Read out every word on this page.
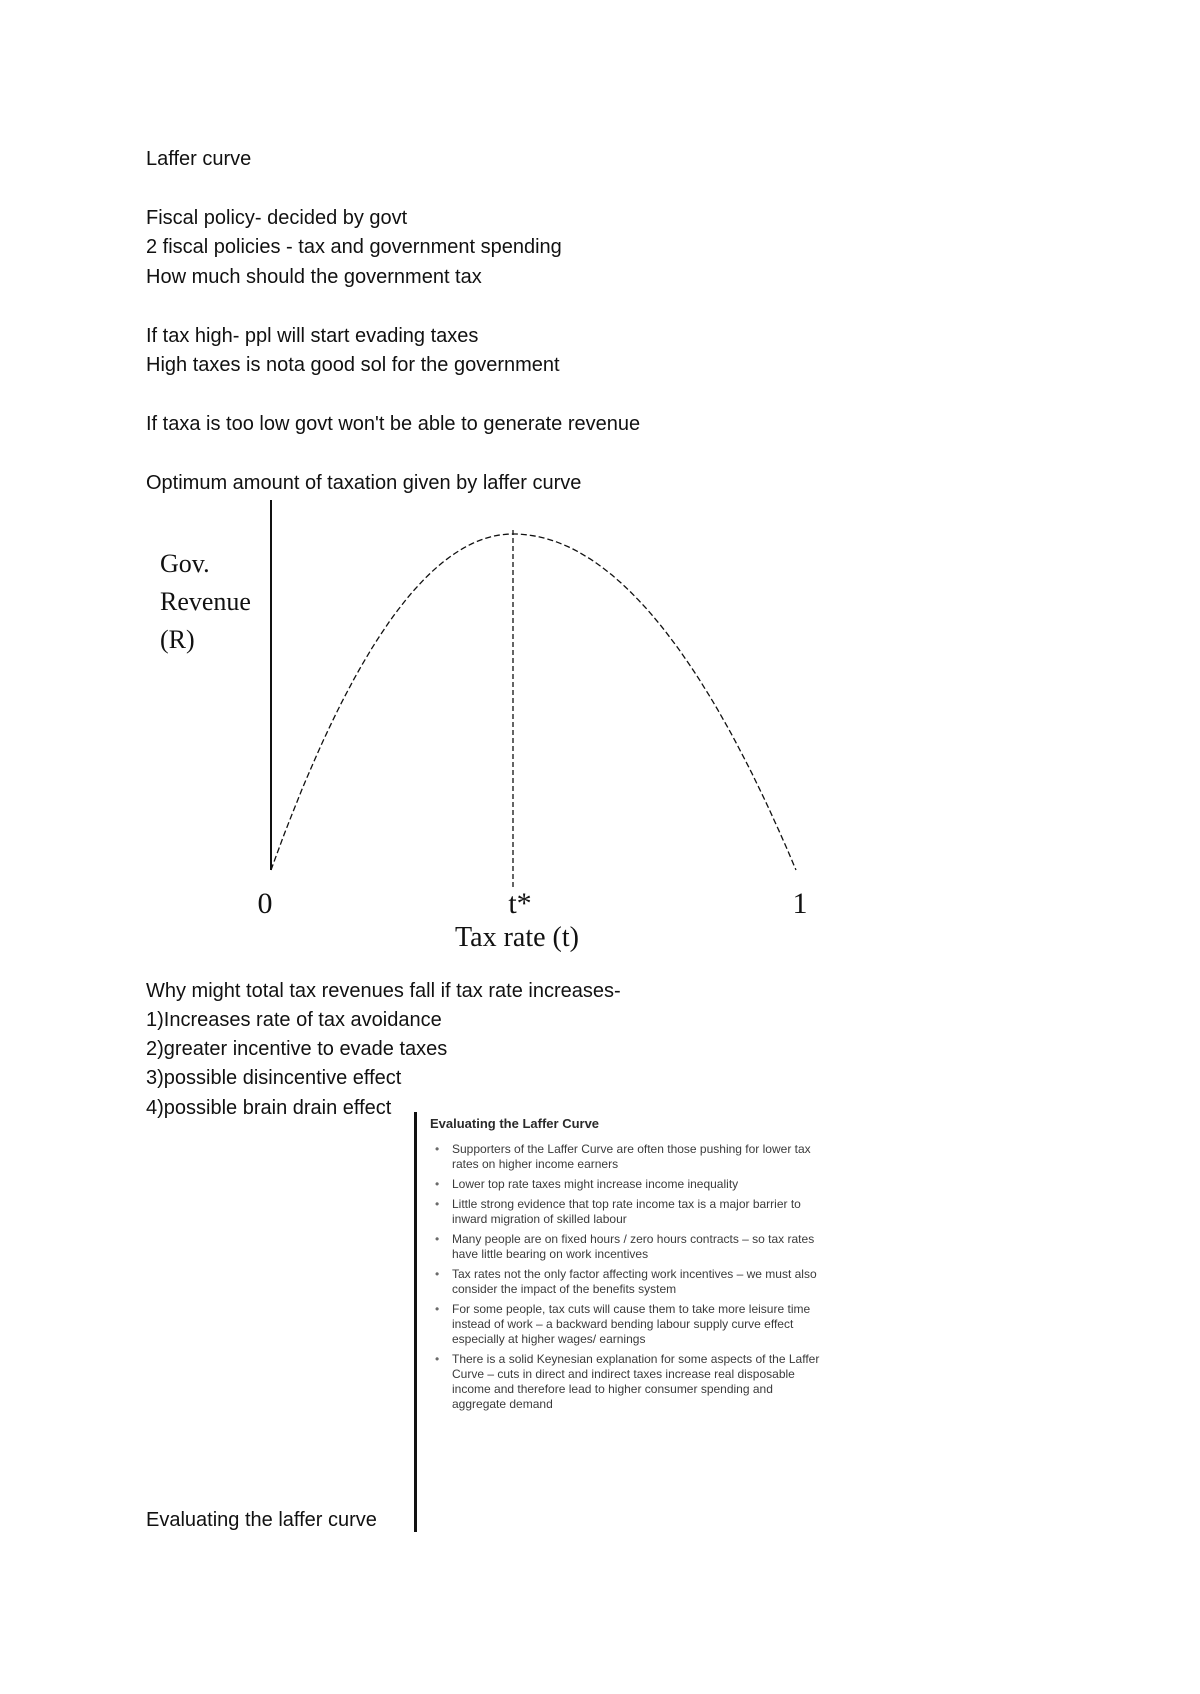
Laffer curve
Fiscal policy- decided by govt
2 fiscal policies - tax and government spending
How much should the government tax
If tax high- ppl will start evading taxes
High taxes is nota good sol for the government
If taxa is too low govt won't be able to generate revenue
Optimum amount of taxation given by laffer curve
Gov.
Revenue
(R)
0	t*	1
Tax rate (t)
Why might total tax revenues fall if tax rate increases-
1)Increases rate of tax avoidance
2)greater incentive to evade taxes
3)possible disincentive effect
4)possible brain drain effect
Evaluating the Laffer Curve
• Supporters of the Laffer Curve are often those pushing for lower tax rates on higher income earners
• Lower top rate taxes might increase income inequality
• Little strong evidence that top rate income tax is a major barrier to inward migration of skilled labour
• Many people are on fixed hours / zero hours contracts – so tax rates have little bearing on work incentives
• Tax rates not the only factor affecting work incentives – we must also consider the impact of the benefits system
• For some people, tax cuts will cause them to take more leisure time instead of work – a backward bending labour supply curve effect especially at higher wages/ earnings
• There is a solid Keynesian explanation for some aspects of the Laffer Curve – cuts in direct and indirect taxes increase real disposable income and therefore lead to higher consumer spending and aggregate demand
Evaluating the laffer curve
